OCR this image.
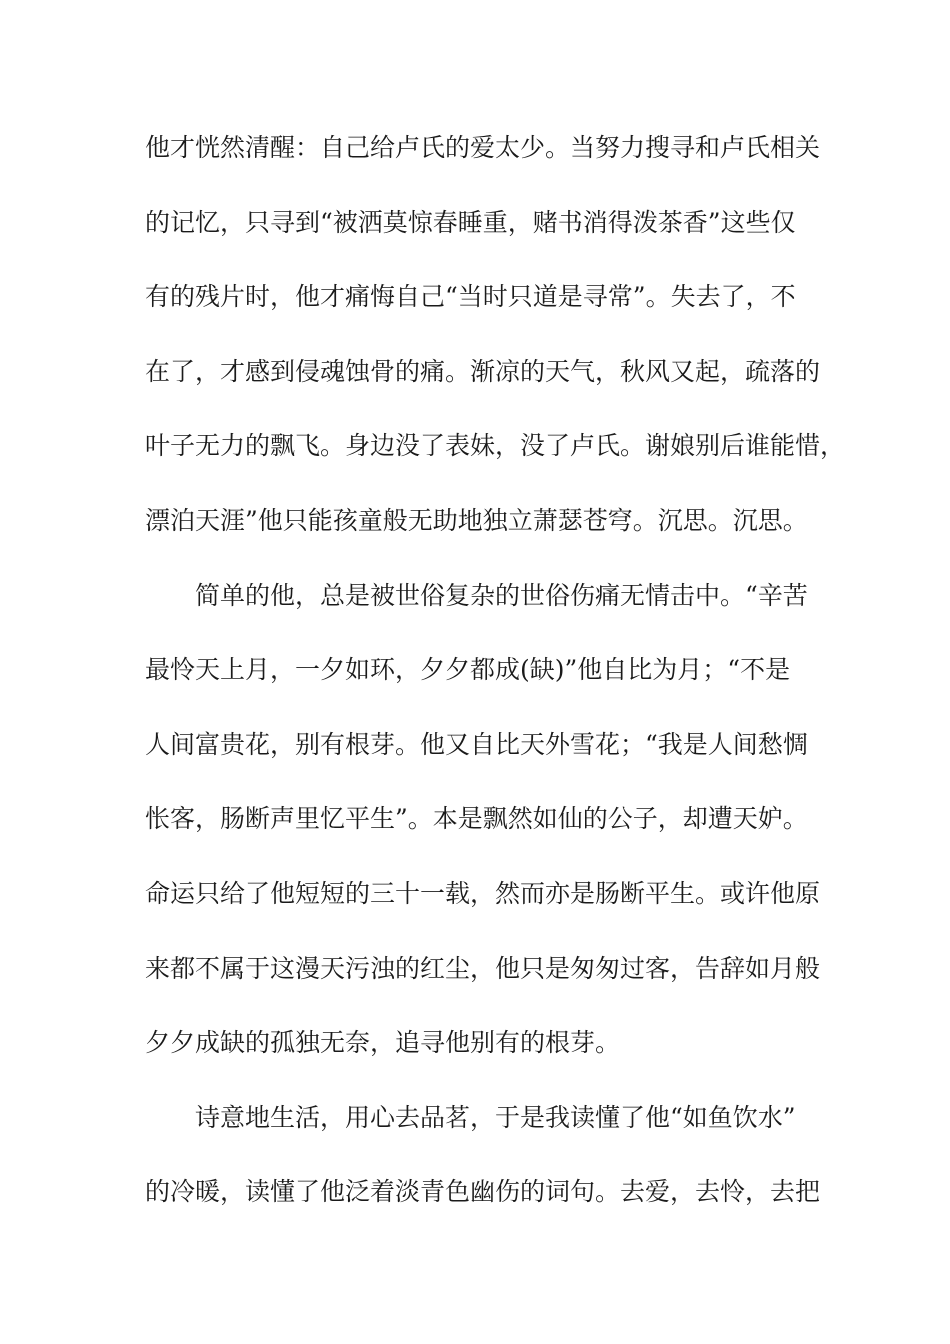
他才恍然清醒：自己给卢氏的爱太少。当努力搜寻和卢氏相关
的记忆，只寻到“被洒莫惊春睡重，赌书消得泼茶香”这些仅
有的残片时，他才痛悔自己“当时只道是寻常”。失去了，不
在了，才感到侵魂蚀骨的痛。渐凉的天气，秋风又起，疏落的
叶子无力的飘飞。身边没了表妹，没了卢氏。谢娘别后谁能惜，
漂泊天涯”他只能孩童般无助地独立萧瑟苍穹。沉思。沉思。
简单的他，总是被世俗复杂的世俗伤痛无情击中。“辛苦
最怜天上月，一夕如环，夕夕都成(缺)”他自比为月；“不是
人间富贵花，别有根芽。他又自比天外雪花；“我是人间愁惆
怅客，肠断声里忆平生”。本是飘然如仙的公子，却遭天妒。
命运只给了他短短的三十一载，然而亦是肠断平生。或许他原
来都不属于这漫天污浊的红尘，他只是匆匆过客，告辞如月般
夕夕成缺的孤独无奈，追寻他别有的根芽。
诗意地生活，用心去品茗，于是我读懂了他“如鱼饮水”
的冷暖，读懂了他泛着淡青色幽伤的词句。去爱，去怜，去把
